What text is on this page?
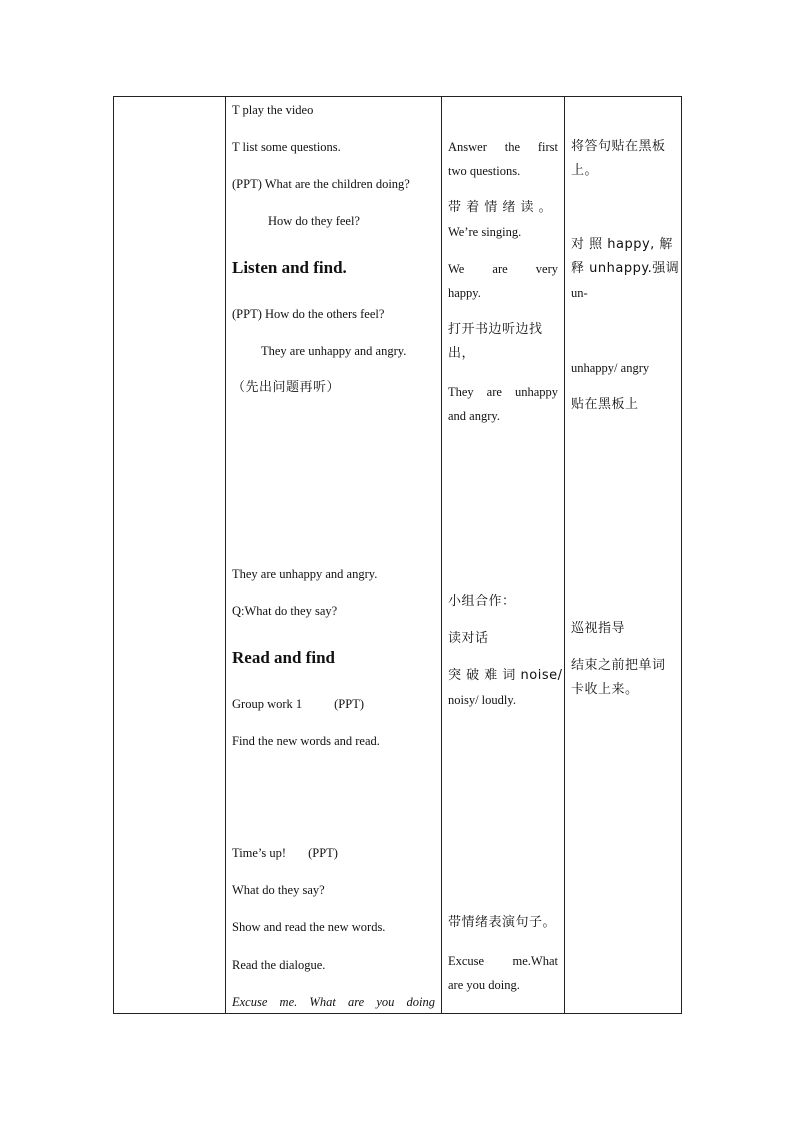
T play the video
T list some questions.
(PPT) What are the children doing?
How do they feel?
Listen and find.
(PPT) How do the others feel?
They are unhappy and angry.
（先出问题再听）
They are unhappy and angry.
Q:What do they say?
Read and find
Group work 1	(PPT)
Find the new words and read.
Time’s up! (PPT)
What do they say?
Show and read the new words.
Read the dialogue.
Excuse me. What are you doing

Answer the first
two questions.
带 着 情 绪 读 。
We’re singing.
We are very
happy.
打开书边听边找
出，
They are unhappy
and angry.
小组合作：
读对话
突 破 难 词 noise/
noisy/ loudly.
带情绪表演句子。
Excuse me.What
are you doing.

将答句贴在黑板
上。
对 照 happy, 解
释 unhappy.强调
un-
unhappy/ angry
贴在黑板上
巡视指导
结束之前把单词
卡收上来。
